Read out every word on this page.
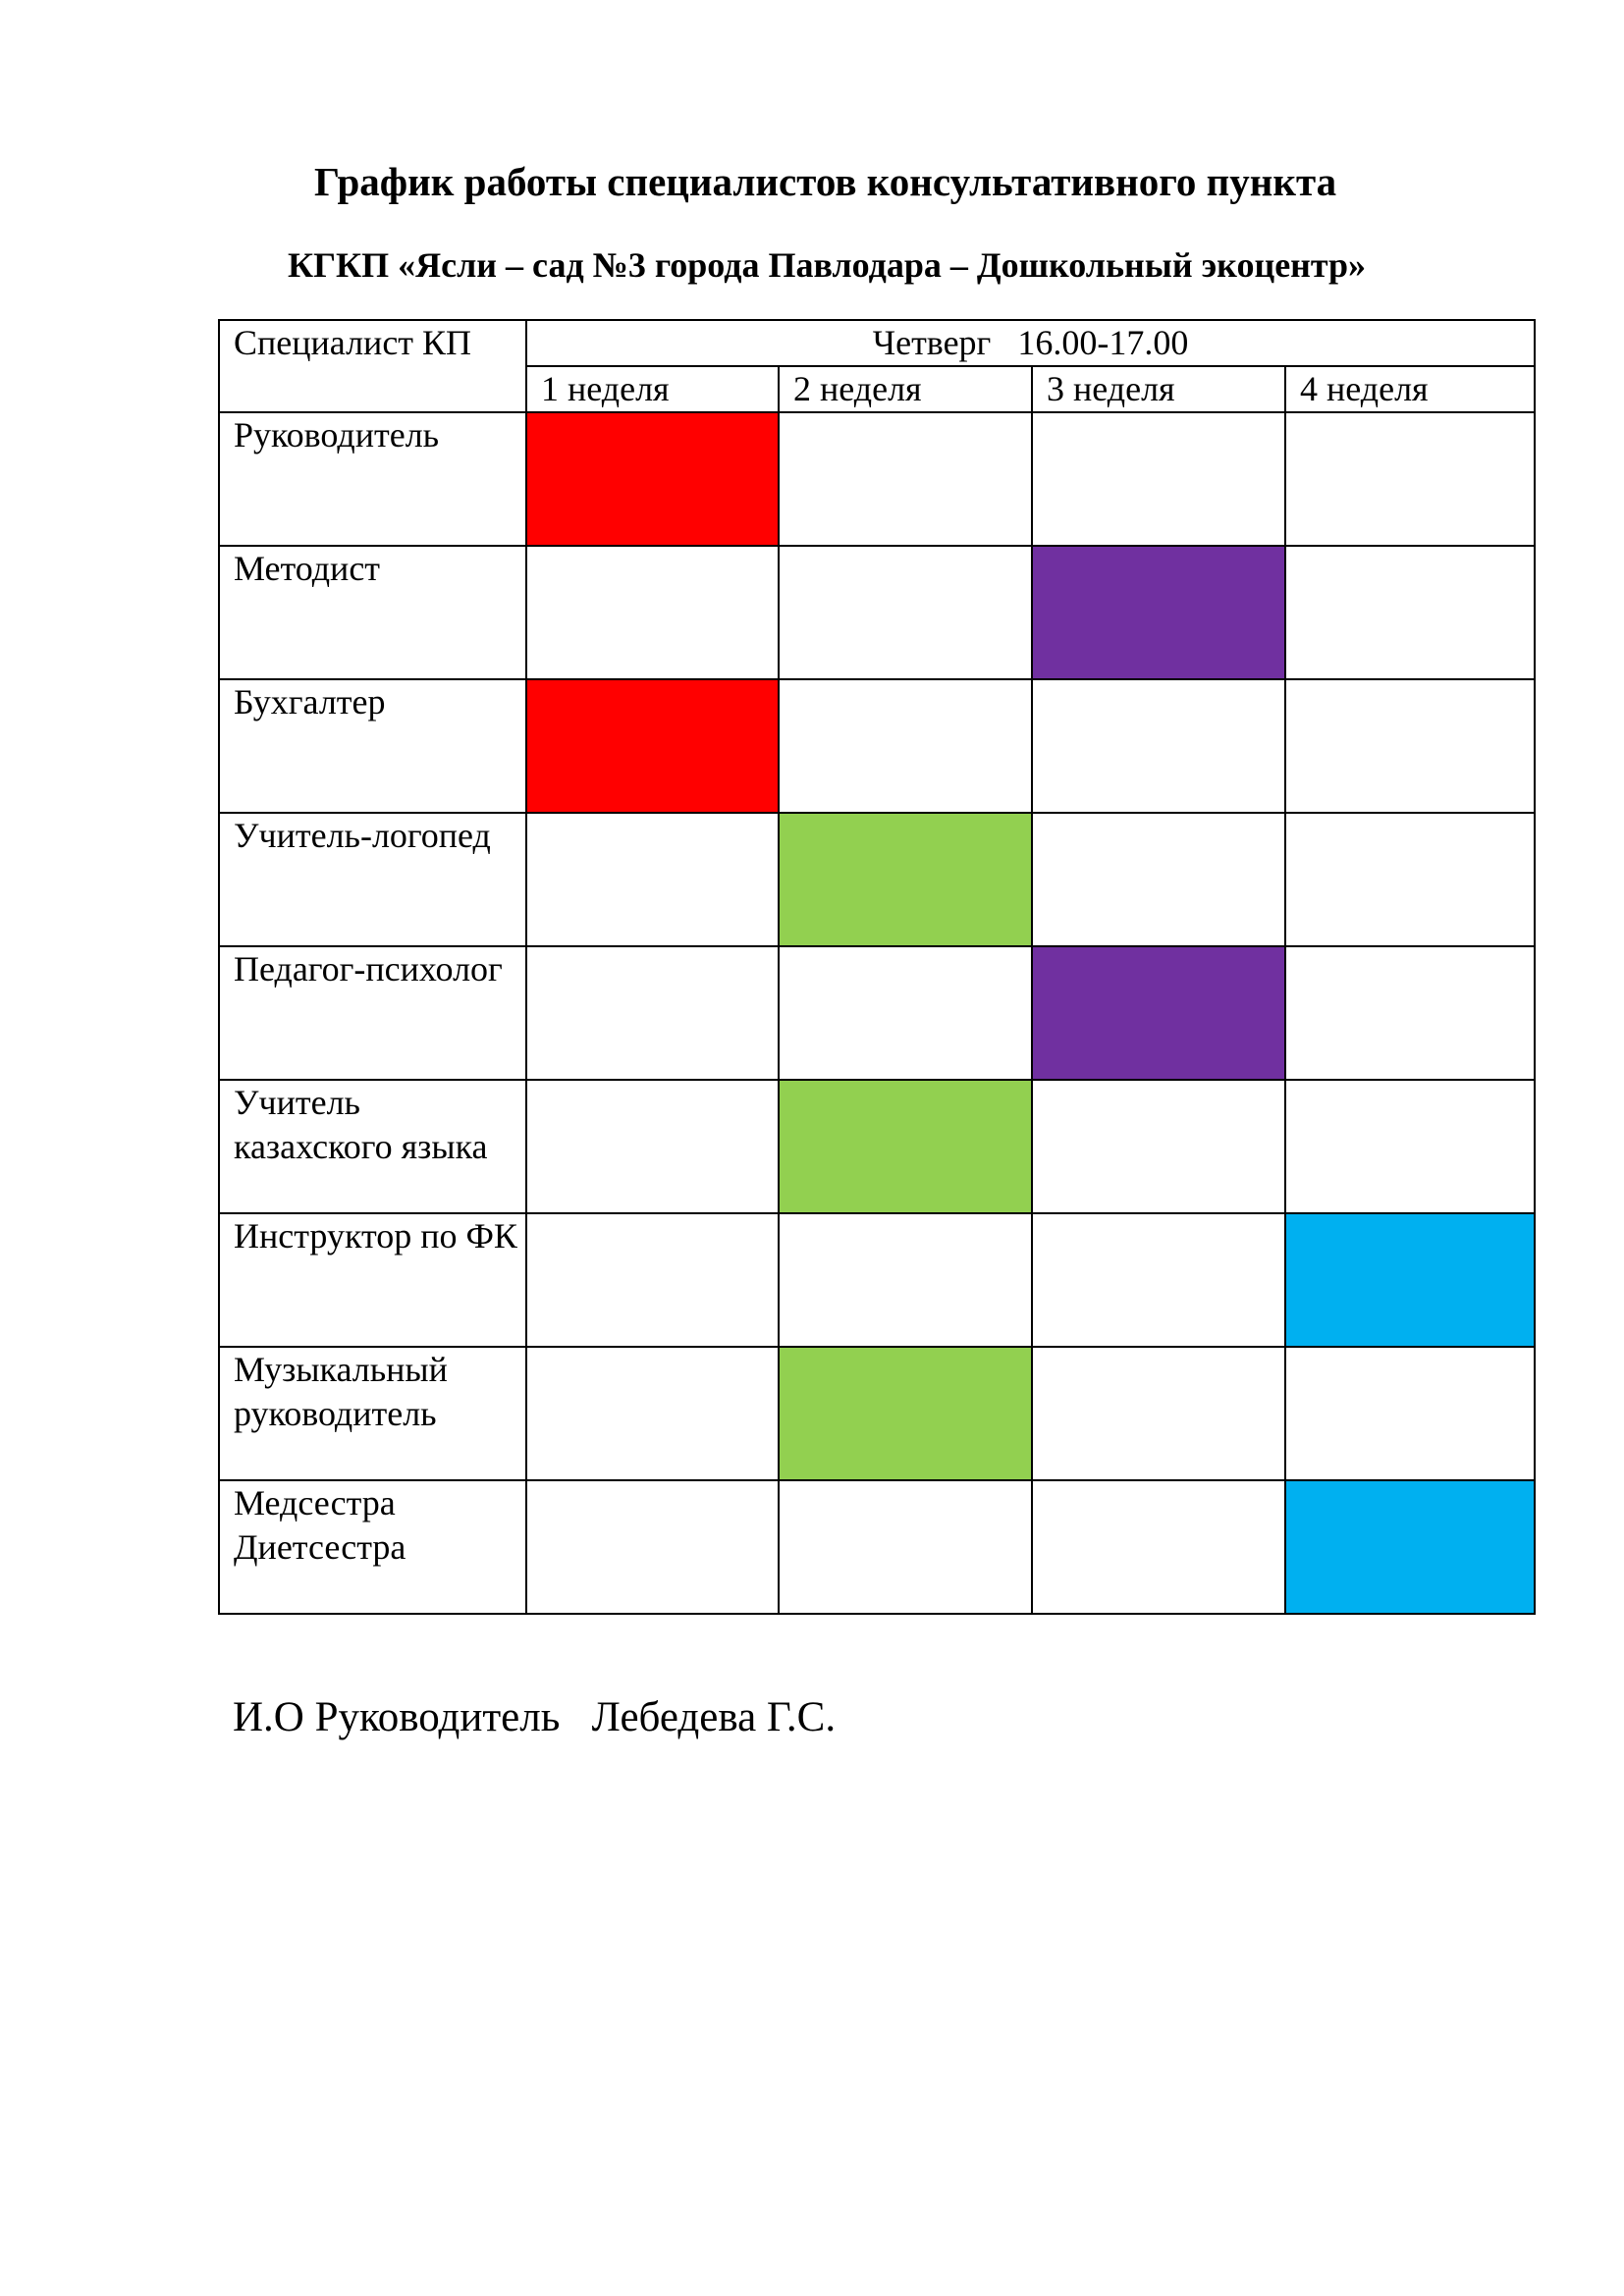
График работы специалистов консультативного пункта
КГКП «Ясли – сад №3 города Павлодара – Дошкольный экоцентр»
Специалист КП	Четверг   16.00-17.00			
	1 неделя	2 неделя	3 неделя	4 неделя
Руководитель				
Методист				
Бухгалтер				
Учитель-логопед				
Педагог-психолог				
Учитель казахского языка				
Инструктор по ФК				
Музыкальный руководитель				
Медсестра Диетсестра				
И.О Руководитель   Лебедева Г.С.
